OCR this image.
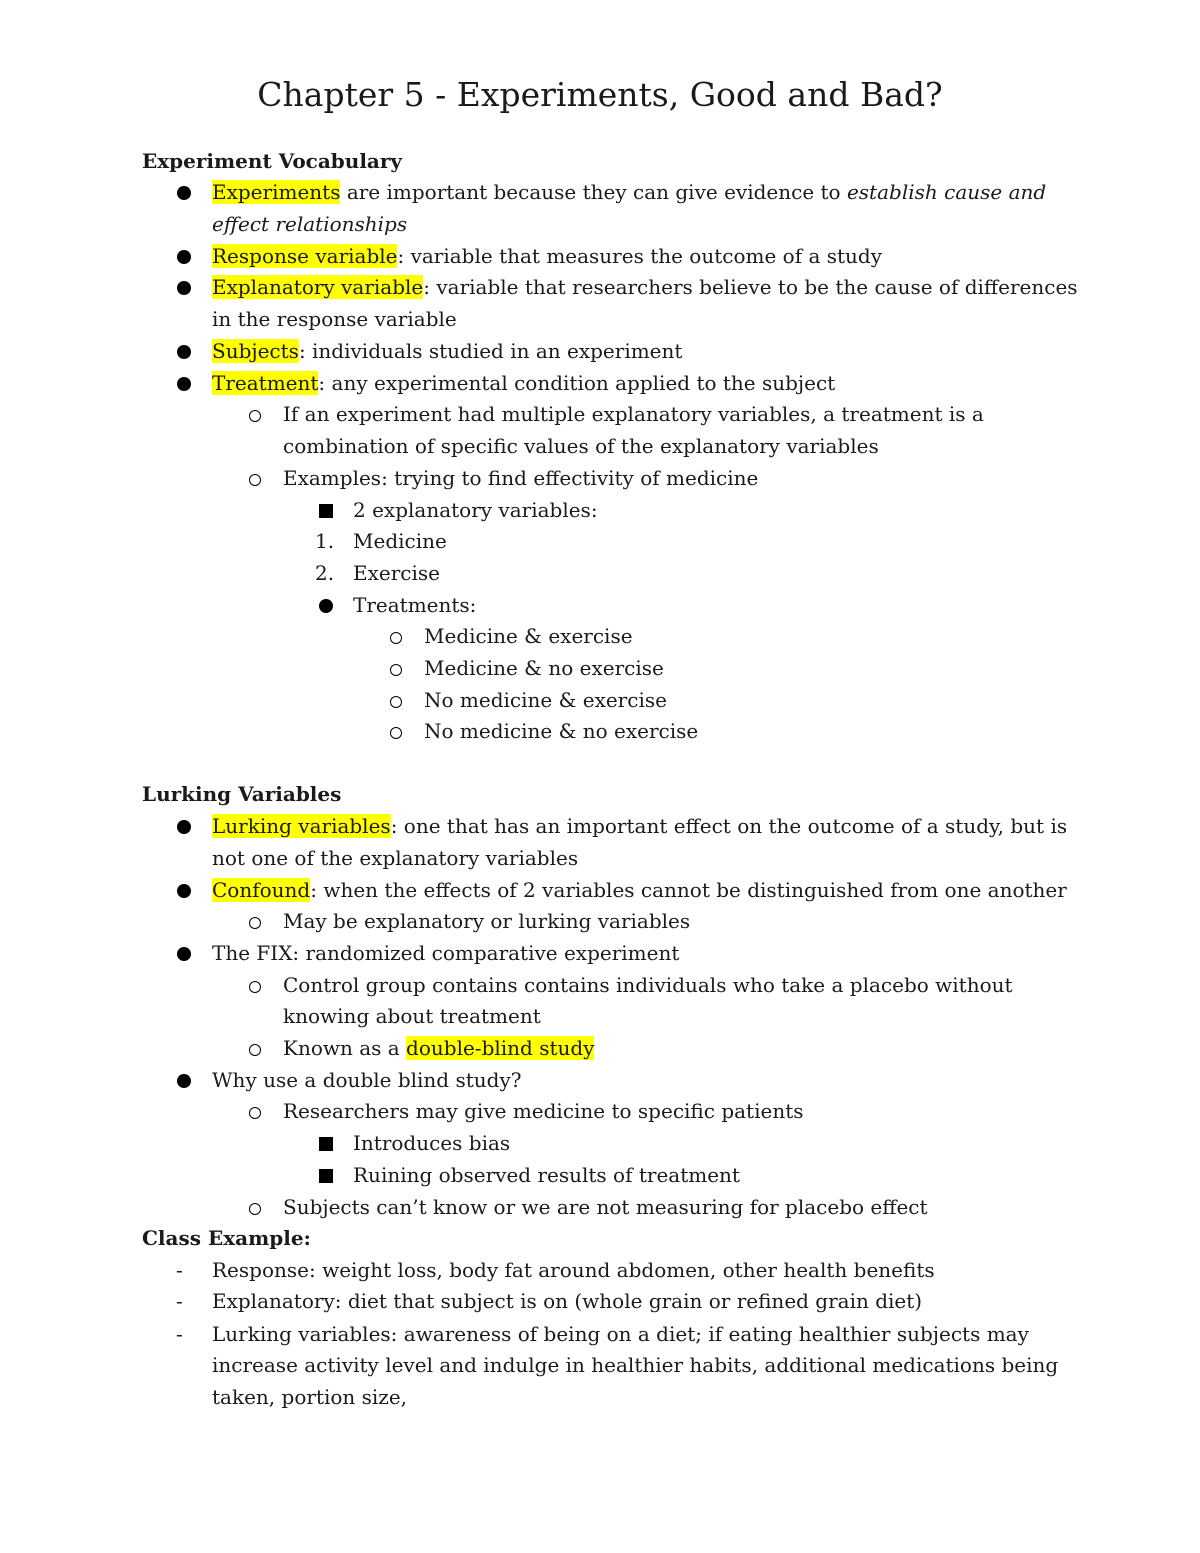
Chapter 5 - Experiments, Good and Bad?
Experiment Vocabulary
Experiments are important because they can give evidence to establish cause and
effect relationships
Response variable: variable that measures the outcome of a study
Explanatory variable: variable that researchers believe to be the cause of differences
in the response variable
Subjects: individuals studied in an experiment
Treatment: any experimental condition applied to the subject
If an experiment had multiple explanatory variables, a treatment is a
combination of specific values of the explanatory variables
Examples: trying to find effectivity of medicine
2 explanatory variables:
1. Medicine
2. Exercise
Treatments:
Medicine & exercise
Medicine & no exercise
No medicine & exercise
No medicine & no exercise
Lurking Variables
Lurking variables: one that has an important effect on the outcome of a study, but is
not one of the explanatory variables
Confound: when the effects of 2 variables cannot be distinguished from one another
May be explanatory or lurking variables
The FIX: randomized comparative experiment
Control group contains contains individuals who take a placebo without
knowing about treatment
Known as a double-blind study
Why use a double blind study?
Researchers may give medicine to specific patients
Introduces bias
Ruining observed results of treatment
Subjects can’t know or we are not measuring for placebo effect
Class Example:
- Response: weight loss, body fat around abdomen, other health benefits
- Explanatory: diet that subject is on (whole grain or refined grain diet)
- Lurking variables: awareness of being on a diet; if eating healthier subjects may
increase activity level and indulge in healthier habits, additional medications being
taken, portion size,
